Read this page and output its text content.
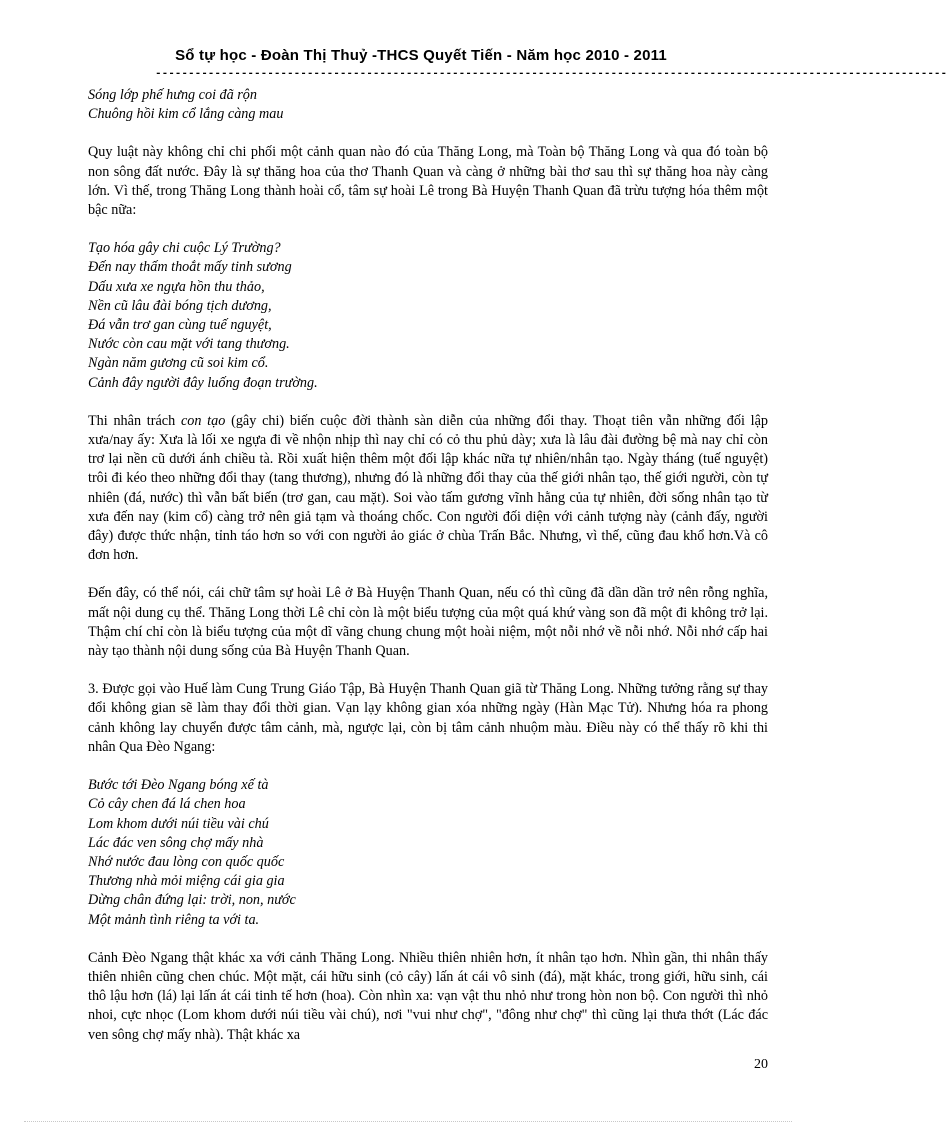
Sổ tự học - Đoàn Thị Thuỷ -THCS Quyết Tiến - Năm học 2010 - 2011
------------------------------------------------------------------------------------------------------------------------
Sóng lớp phế hưng coi đã rộn
Chuông hồi kim cổ lắng càng mau

Quy luật này không chỉ chi phối một cảnh quan nào đó của Thăng Long, mà Toàn bộ Thăng Long và qua đó toàn bộ non sông đất nước. Đây là sự thăng hoa của thơ Thanh Quan và càng ở những bài thơ sau thì sự thăng hoa này càng lớn. Vì thế, trong Thăng Long thành hoài cổ, tâm sự hoài Lê trong Bà Huyện Thanh Quan đã trừu tượng hóa thêm một bậc nữa:

Tạo hóa gây chi cuộc Lý Trường?
Đến nay thấm thoắt mấy tinh sương
Dấu xưa xe ngựa hồn thu thảo,
Nền cũ lâu đài bóng tịch dương,
Đá vẫn trơ gan cùng tuế nguyệt,
Nước còn cau mặt với tang thương.
Ngàn năm gương cũ soi kim cổ.
Cảnh đây người đây luống đoạn trường.

Thi nhân trách con tạo (gây chi) biến cuộc đời thành sàn diễn của những đổi thay. Thoạt tiên vẫn những đối lập xưa/nay ấy: Xưa là lối xe ngựa đi về nhộn nhịp thì nay chỉ có cỏ thu phủ dày; xưa là lâu đài đường bệ mà nay chỉ còn trơ lại nền cũ dưới ánh chiều tà. Rồi xuất hiện thêm một đối lập khác nữa tự nhiên/nhân tạo. Ngày tháng (tuế nguyệt) trôi đi kéo theo những đổi thay (tang thương), nhưng đó là những đổi thay của thế giới nhân tạo, thế giới người, còn tự nhiên (đá, nước) thì vẫn bất biến (trơ gan, cau mặt). Soi vào tấm gương vĩnh hằng của tự nhiên, đời sống nhân tạo từ xưa đến nay (kim cổ) càng trở nên giả tạm và thoáng chốc. Con người đối diện với cảnh tượng này (cảnh đấy, người đây) được thức nhận, tỉnh táo hơn so với con người ảo giác ở chùa Trấn Bắc. Nhưng, vì thế, cũng đau khổ hơn.Và cô đơn hơn.

Đến đây, có thể nói, cái chữ tâm sự hoài Lê ở Bà Huyện Thanh Quan, nếu có thì cũng đã dần dần trở nên rỗng nghĩa, mất nội dung cụ thể. Thăng Long thời Lê chỉ còn là một biểu tượng của một quá khứ vàng son đã một đi không trở lại. Thậm chí chỉ còn là biểu tượng của một dĩ vãng chung chung một hoài niệm, một nỗi nhớ về nỗi nhớ. Nỗi nhớ cấp hai này tạo thành nội dung sống của Bà Huyện Thanh Quan.

3. Được gọi vào Huế làm Cung Trung Giáo Tập, Bà Huyện Thanh Quan giã từ Thăng Long. Những tưởng rằng sự thay đổi không gian sẽ làm thay đổi thời gian. Vạn lạy không gian xóa những ngày (Hàn Mạc Tử). Nhưng hóa ra phong cảnh không lay chuyển được tâm cảnh, mà, ngược lại, còn bị tâm cảnh nhuộm màu. Điều này có thể thấy rõ khi thi nhân Qua Đèo Ngang:

Bước tới Đèo Ngang bóng xế tà
Cỏ cây chen đá lá chen hoa
Lom khom dưới núi tiều vài chú
Lác đác ven sông chợ mấy nhà
Nhớ nước đau lòng con quốc quốc
Thương nhà mỏi miệng cái gia gia
Dừng chân đứng lại: trời, non, nước
Một mảnh tình riêng ta với ta.

Cảnh Đèo Ngang thật khác xa với cảnh Thăng Long. Nhiều thiên nhiên hơn, ít nhân tạo hơn. Nhìn gần, thi nhân thấy thiên nhiên cũng chen chúc. Một mặt, cái hữu sinh (cỏ cây) lấn át cái vô sinh (đá), mặt khác, trong giới, hữu sinh, cái thô lậu hơn (lá) lại lấn át cái tinh tế hơn (hoa). Còn nhìn xa: vạn vật thu nhỏ như trong hòn non bộ. Con người thì nhỏ nhoi, cực nhọc (Lom khom dưới núi tiều vài chú), nơi "vui như chợ", "đông như chợ" thì cũng lại thưa thớt (Lác đác ven sông chợ mấy nhà). Thật khác xa

20
